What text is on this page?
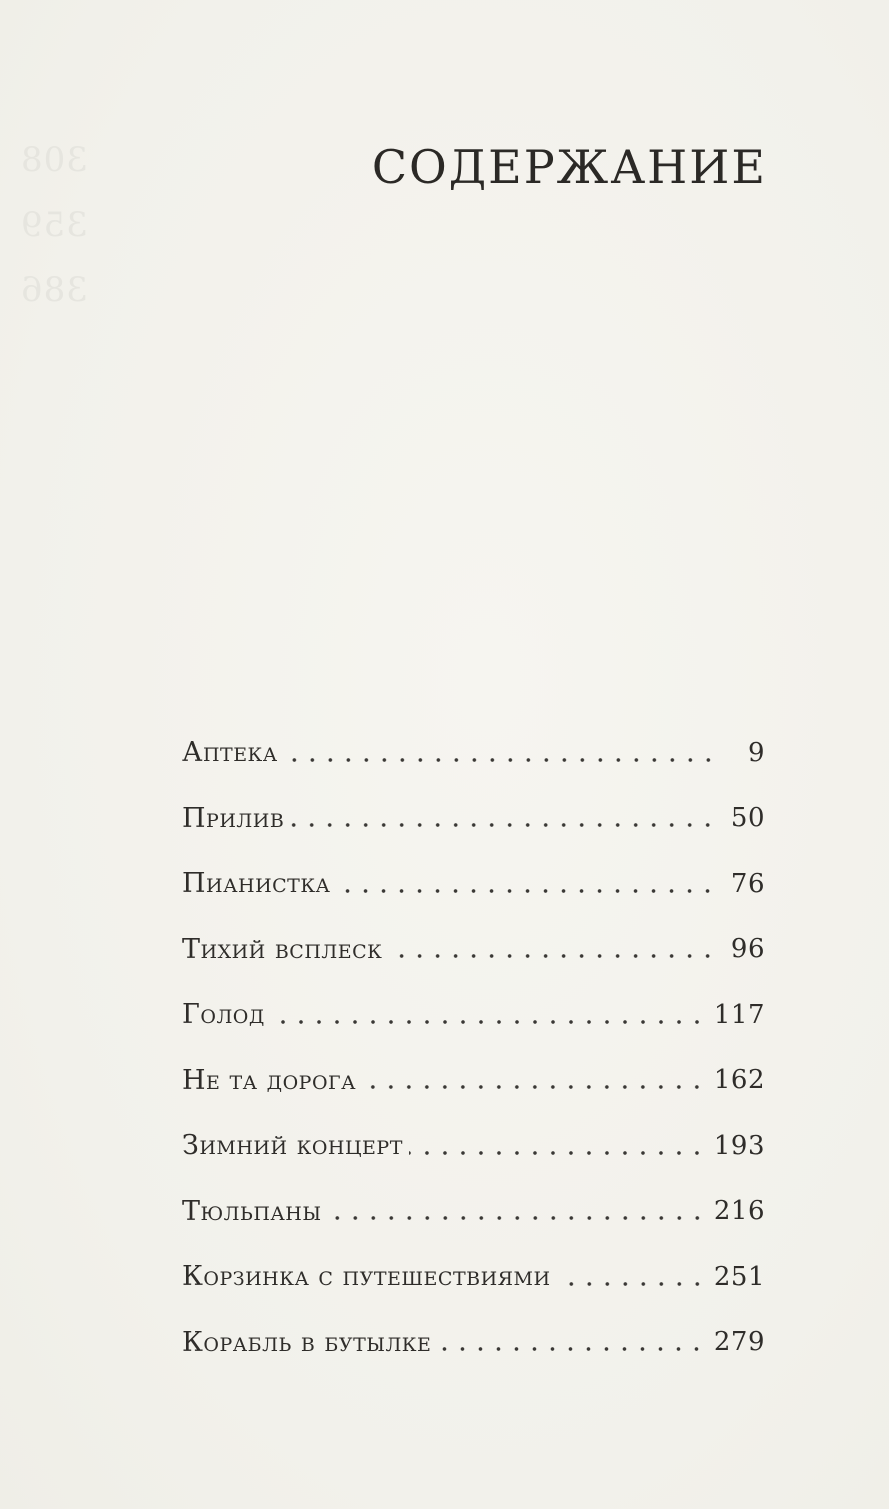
308
359
386
СОДЕРЖАНИЕ
Аптека	9
Прилив	50
Пианистка	76
Тихий всплеск	96
Голод	117
Не та дорога	162
Зимний концерт	193
Тюльпаны	216
Корзинка с путешествиями	251
Корабль в бутылке	279
